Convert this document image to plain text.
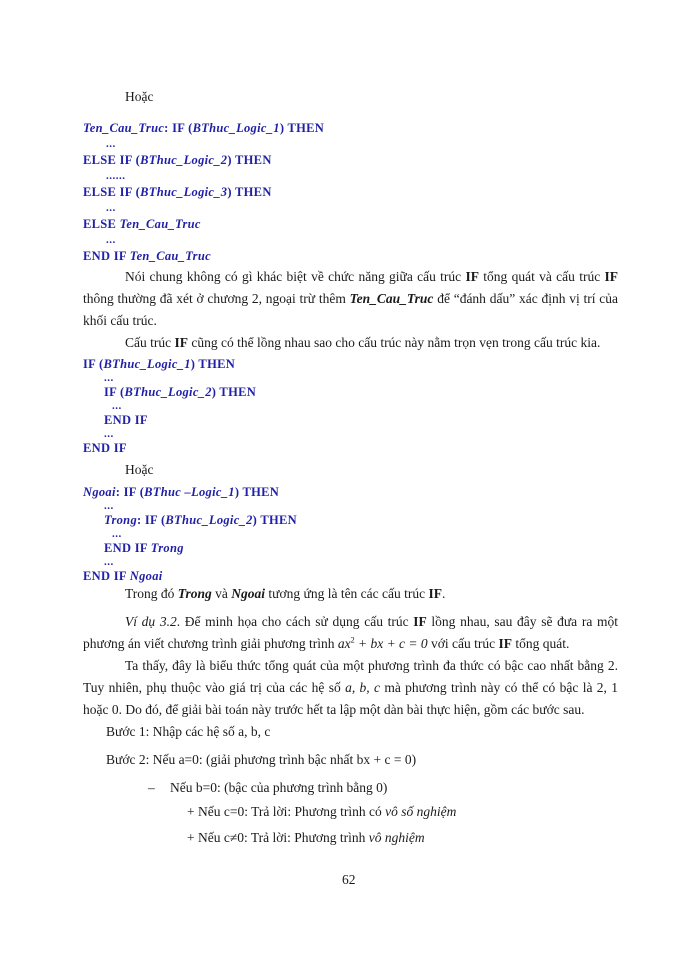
Hoặc
Ten_Cau_Truc: IF (BThuc_Logic_1) THEN
...
ELSE IF (BThuc_Logic_2) THEN
......
ELSE IF (BThuc_Logic_3) THEN
...
ELSE Ten_Cau_Truc
...
END IF Ten_Cau_Truc
Nói chung không có gì khác biệt về chức năng giữa cấu trúc IF tổng quát và cấu trúc IF thông thường đã xét ở chương 2, ngoại trừ thêm Ten_Cau_Truc để “đánh dấu” xác định vị trí của khối cấu trúc.
Cấu trúc IF cũng có thể lồng nhau sao cho cấu trúc này nằm trọn vẹn trong cấu trúc kia.
IF (BThuc_Logic_1) THEN
...
IF (BThuc_Logic_2) THEN
...
END IF
...
END IF
Hoặc
Ngoai: IF (BThuc –Logic_1) THEN
...
Trong: IF (BThuc_Logic_2) THEN
...
END IF Trong
...
END IF Ngoai
Trong đó Trong và Ngoai tương ứng là tên các cấu trúc IF.
Ví dụ 3.2. Để minh họa cho cách sử dụng cấu trúc IF lồng nhau, sau đây sẽ đưa ra một phương án viết chương trình giải phương trình $ax^2$ + bx + c = 0 với cấu trúc IF tổng quát.
Ta thấy, đây là biểu thức tổng quát của một phương trình đa thức có bậc cao nhất bằng 2. Tuy nhiên, phụ thuộc vào giá trị của các hệ số a, b, c mà phương trình này có thể có bậc là 2, 1 hoặc 0. Do đó, để giải bài toán này trước hết ta lập một dàn bài thực hiện, gồm các bước sau.
Bước 1: Nhập các hệ số a, b, c
Bước 2: Nếu a=0: (giải phương trình bậc nhất bx + c = 0)
– Nếu b=0: (bậc của phương trình bằng 0)
+ Nếu c=0: Trả lời: Phương trình có vô số nghiệm
+ Nếu c≠0: Trả lời: Phương trình vô nghiệm
62
